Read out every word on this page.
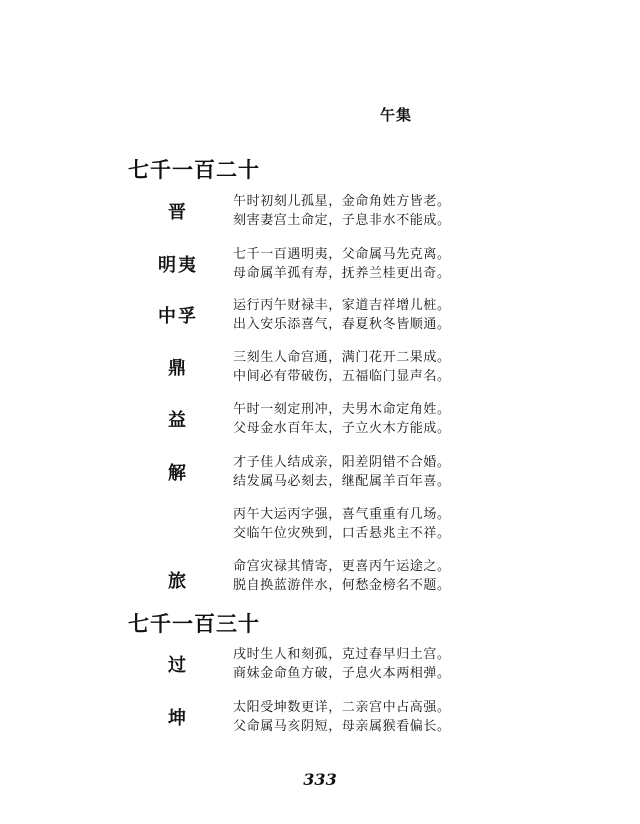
午集
七千一百二十
晋
午时初刻儿孤星，金命角姓方皆老。
刻害妻宫土命定，子息非水不能成。
明夷
七千一百遇明夷，父命属马先克离。
母命属羊孤有寿，抚养兰桂更出奇。
中孚
运行丙午财禄丰，家道吉祥增儿桩。
出入安乐添喜气，春夏秋冬皆顺通。
鼎
三刻生人命宫通，满门花开二果成。
中间必有带破伤，五福临门显声名。
益
午时一刻定刑冲，夫男木命定角姓。
父母金水百年太，子立火木方能成。
解
才子佳人结成亲，阳差阴错不合婚。
结发属马必刻去，继配属羊百年喜。
丙午大运丙字强，喜气重重有几场。
交临午位灾殃到，口舌悬兆主不祥。
旅
命宫灾禄其情寄，更喜丙午运途之。
脱自换蓝游伴水，何愁金榜名不题。
七千一百三十
过
戌时生人和刻孤，克过春早归土宫。
商妹金命鱼方破，子息火本两相弹。
坤
太阳受坤数更详，二亲宫中占高强。
父命属马亥阴短，母亲属猴看偏长。
333
